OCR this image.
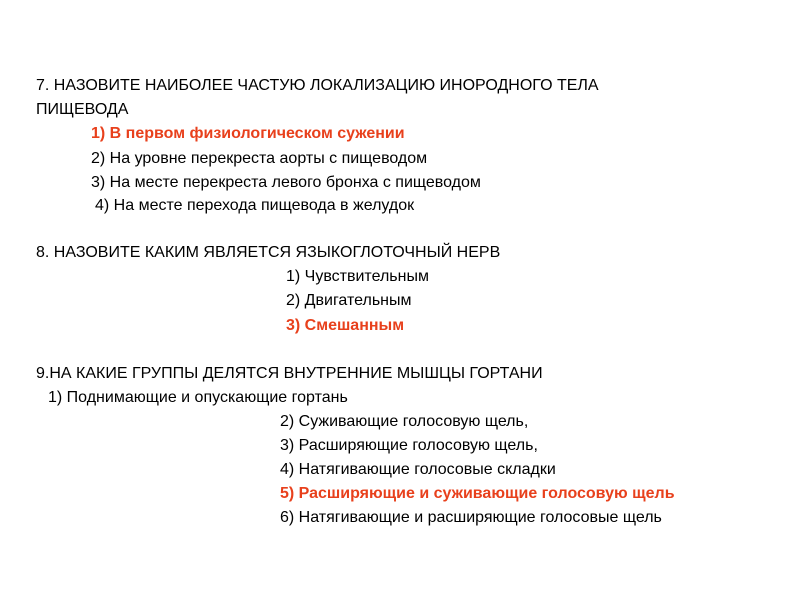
7. НАЗОВИТЕ НАИБОЛЕЕ ЧАСТУЮ ЛОКАЛИЗАЦИЮ ИНОРОДНОГО ТЕЛА
ПИЩЕВОДА
1) В первом физиологическом сужении
2) На уровне перекреста аорты с пищеводом
3) На месте перекреста левого бронха с пищеводом
4) На месте перехода пищевода в желудок
8. НАЗОВИТЕ КАКИМ ЯВЛЯЕТСЯ ЯЗЫКОГЛОТОЧНЫЙ НЕРВ
1) Чувствительным
2) Двигательным
3) Смешанным
9.НА КАКИЕ ГРУППЫ ДЕЛЯТСЯ ВНУТРЕННИЕ МЫШЦЫ ГОРТАНИ
1) Поднимающие и опускающие гортань
2) Суживающие голосовую щель,
3) Расширяющие голосовую щель,
4) Натягивающие голосовые складки
5) Расширяющие и суживающие голосовую щель
6) Натягивающие и расширяющие голосовые щель
